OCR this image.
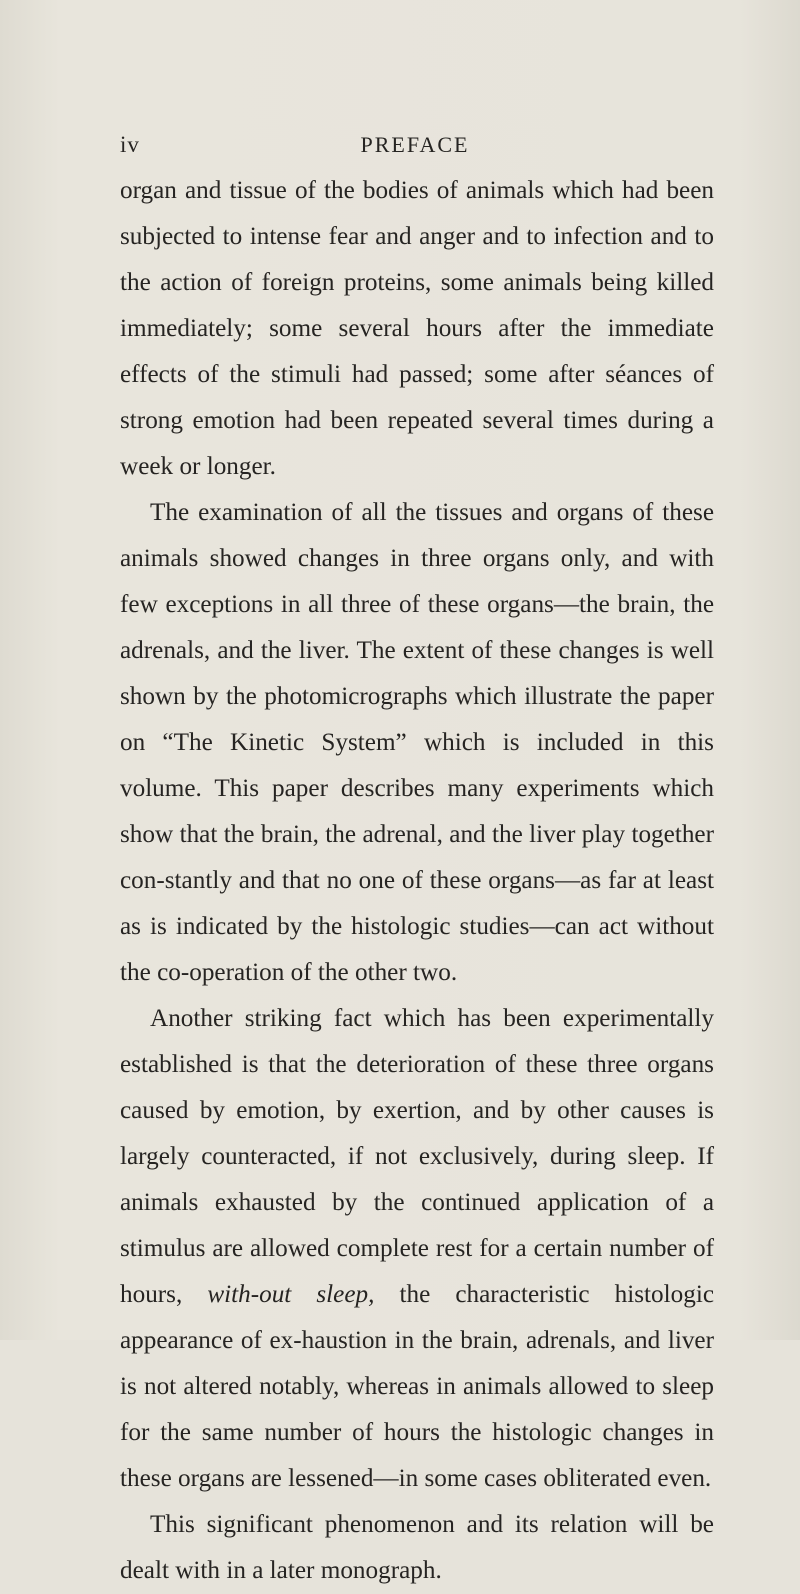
iv	PREFACE

organ and tissue of the bodies of animals which had been subjected to intense fear and anger and to infection and to the action of foreign proteins, some animals being killed immediately; some several hours after the immediate effects of the stimuli had passed; some after séances of strong emotion had been repeated several times during a week or longer.

The examination of all the tissues and organs of these animals showed changes in three organs only, and with few exceptions in all three of these organs—the brain, the adrenals, and the liver. The extent of these changes is well shown by the photomicrographs which illustrate the paper on “The Kinetic System” which is included in this volume. This paper describes many experiments which show that the brain, the adrenal, and the liver play together con-stantly and that no one of these organs—as far at least as is indicated by the histologic studies—can act without the co-operation of the other two.

Another striking fact which has been experimentally established is that the deterioration of these three organs caused by emotion, by exertion, and by other causes is largely counteracted, if not exclusively, during sleep. If animals exhausted by the continued application of a stimulus are allowed complete rest for a certain number of hours, with-out sleep, the characteristic histologic appearance of ex-haustion in the brain, adrenals, and liver is not altered notably, whereas in animals allowed to sleep for the same number of hours the histologic changes in these organs are lessened—in some cases obliterated even.

This significant phenomenon and its relation will be dealt with in a later monograph.
